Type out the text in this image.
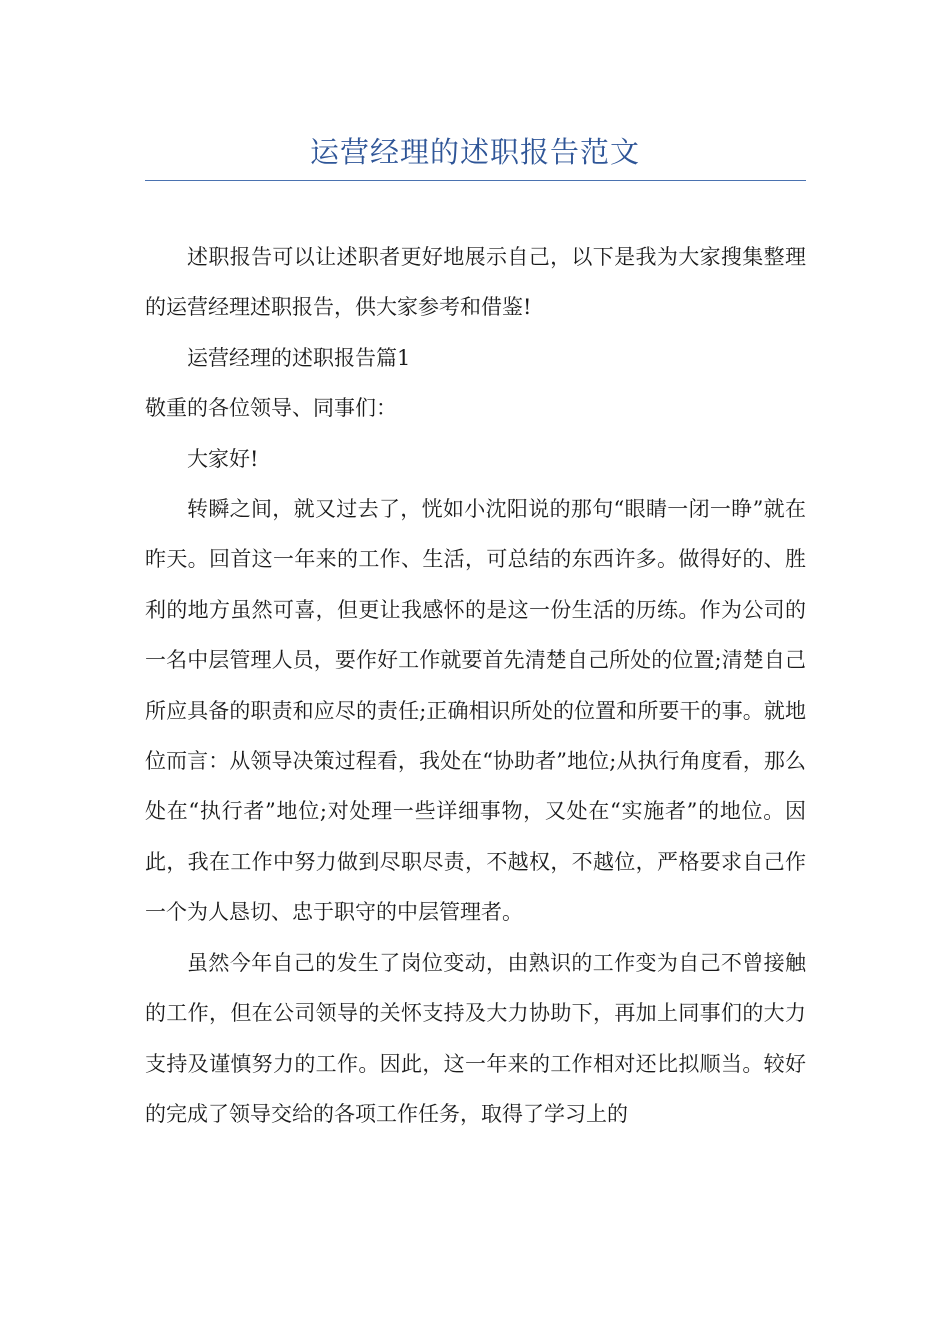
运营经理的述职报告范文

述职报告可以让述职者更好地展示自己，以下是我为大家搜集整理的运营经理述职报告，供大家参考和借鉴!

运营经理的述职报告篇1

敬重的各位领导、同事们：

大家好!

转瞬之间，就又过去了，恍如小沈阳说的那句“眼睛一闭一睁”就在昨天。回首这一年来的工作、生活，可总结的东西许多。做得好的、胜利的地方虽然可喜，但更让我感怀的是这一份生活的历练。作为公司的一名中层管理人员，要作好工作就要首先清楚自己所处的位置;清楚自己所应具备的职责和应尽的责任;正确相识所处的位置和所要干的事。就地位而言：从领导决策过程看，我处在“协助者”地位;从执行角度看，那么处在“执行者”地位;对处理一些详细事物，又处在“实施者”的地位。因此，我在工作中努力做到尽职尽责，不越权，不越位，严格要求自己作一个为人恳切、忠于职守的中层管理者。

虽然今年自己的发生了岗位变动，由熟识的工作变为自己不曾接触的工作，但在公司领导的关怀支持及大力协助下，再加上同事们的大力支持及谨慎努力的工作。因此，这一年来的工作相对还比拟顺当。较好的完成了领导交给的各项工作任务，取得了学习上的
